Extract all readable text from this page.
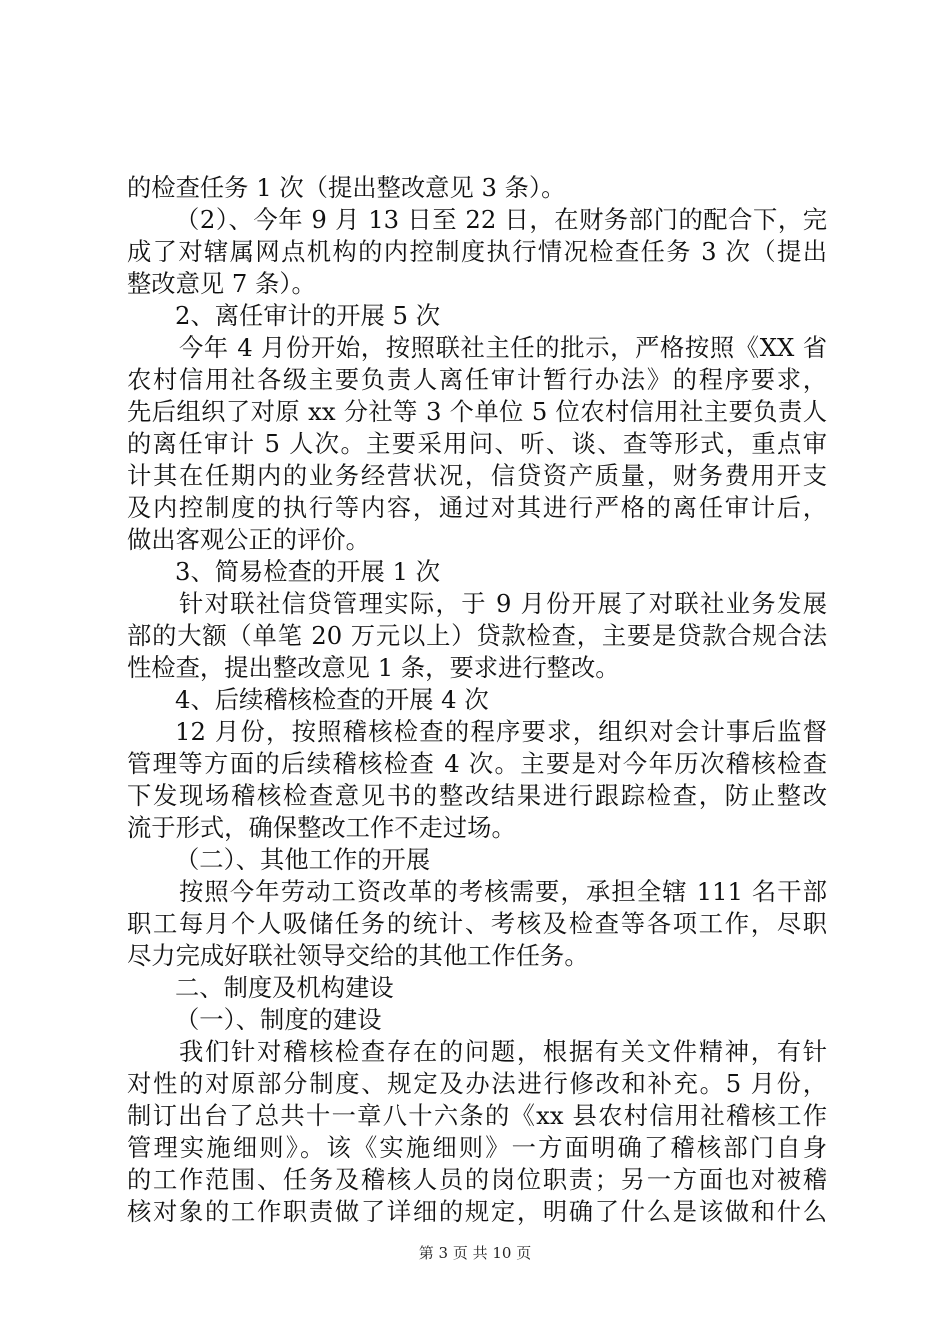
的检查任务 1 次（提出整改意见 3 条）。
（2）、今年 9 月 13 日至 22 日，在财务部门的配合下，完
成了对辖属网点机构的内控制度执行情况检查任务 3 次（提出
整改意见 7 条）。
2、离任审计的开展 5 次
今年 4 月份开始，按照联社主任的批示，严格按照《XX 省
农村信用社各级主要负责人离任审计暂行办法》的程序要求，
先后组织了对原 xx 分社等 3 个单位 5 位农村信用社主要负责人
的离任审计 5 人次。主要采用问、听、谈、查等形式，重点审
计其在任期内的业务经营状况，信贷资产质量，财务费用开支
及内控制度的执行等内容，通过对其进行严格的离任审计后，
做出客观公正的评价。
3、简易检查的开展 1 次
针对联社信贷管理实际，于 9 月份开展了对联社业务发展
部的大额（单笔 20 万元以上）贷款检查，主要是贷款合规合法
性检查，提出整改意见 1 条，要求进行整改。
4、后续稽核检查的开展 4 次
12 月份，按照稽核检查的程序要求，组织对会计事后监督
管理等方面的后续稽核检查 4 次。主要是对今年历次稽核检查
下发现场稽核检查意见书的整改结果进行跟踪检查，防止整改
流于形式，确保整改工作不走过场。
（二）、其他工作的开展
按照今年劳动工资改革的考核需要，承担全辖 111 名干部
职工每月个人吸储任务的统计、考核及检查等各项工作，尽职
尽力完成好联社领导交给的其他工作任务。
二、制度及机构建设
（一）、制度的建设
我们针对稽核检查存在的问题，根据有关文件精神，有针
对性的对原部分制度、规定及办法进行修改和补充。5 月份，
制订出台了总共十一章八十六条的《xx 县农村信用社稽核工作
管理实施细则》。该《实施细则》一方面明确了稽核部门自身
的工作范围、任务及稽核人员的岗位职责；另一方面也对被稽
核对象的工作职责做了详细的规定，明确了什么是该做和什么
第 3 页 共 10 页
